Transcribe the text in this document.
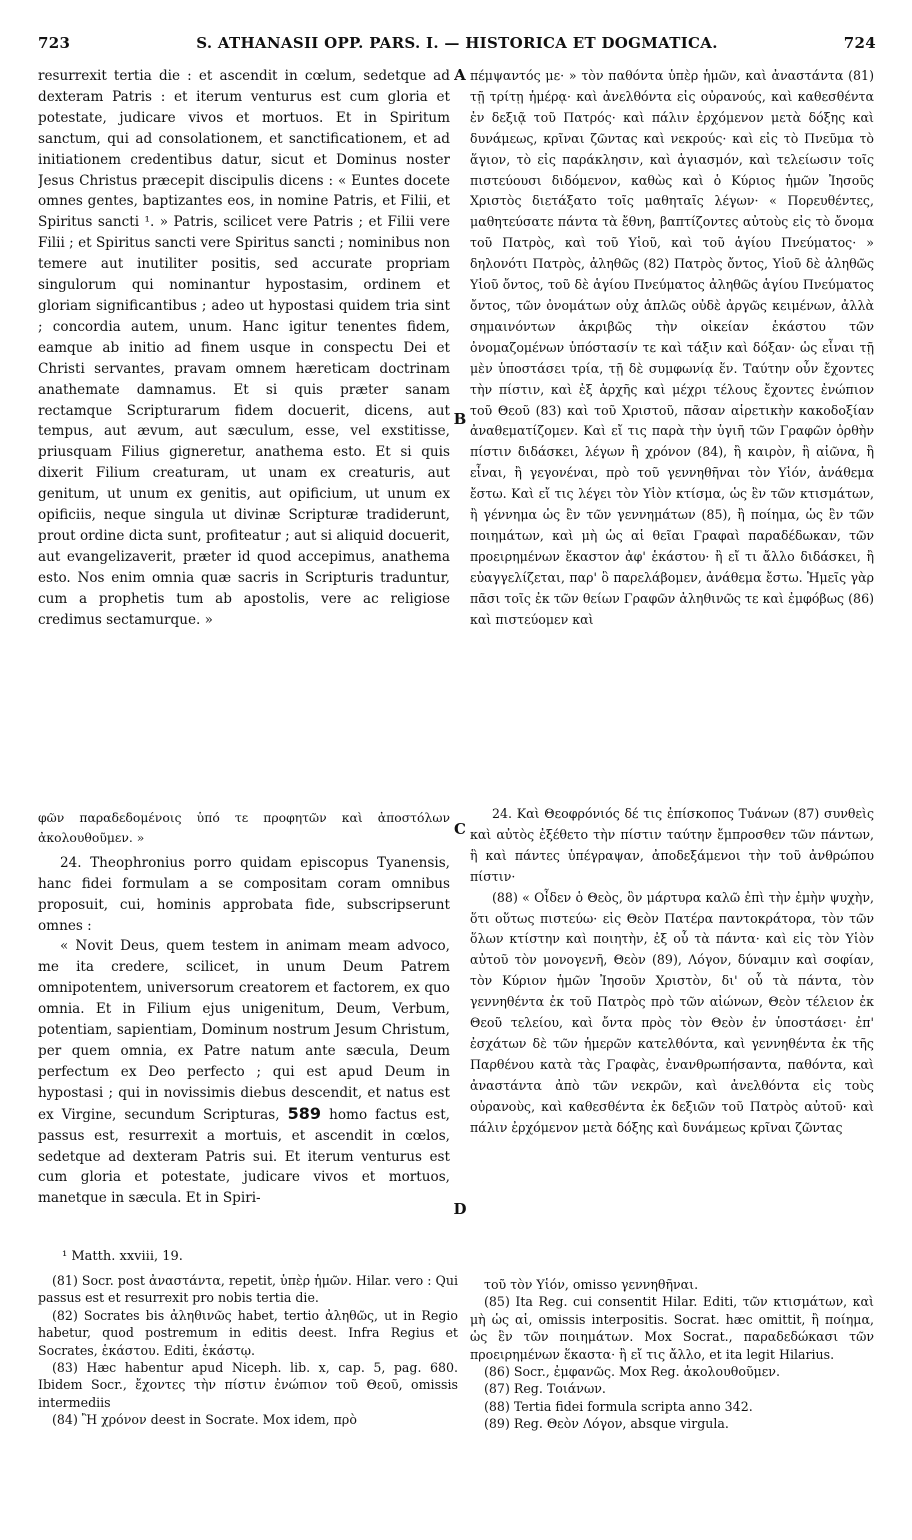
723	S. ATHANASII OPP. PARS. I. — HISTORICA ET DOGMATICA.	724
A
B
C
D

resurrexit tertia die : et ascendit in cœlum, sedetque ad dexteram Patris : et iterum venturus est cum gloria et potestate, judicare vivos et mortuos. Et in Spiritum sanctum, qui ad consolationem, et sanctificationem, et ad initiationem credentibus datur, sicut et Dominus noster Jesus Christus præcepit discipulis dicens : « Euntes docete omnes gentes, baptizantes eos, in nomine Patris, et Filii, et Spiritus sancti ¹. » Patris, scilicet vere Patris ; et Filii vere Filii ; et Spiritus sancti vere Spiritus sancti ; nominibus non temere aut inutiliter positis, sed accurate propriam singulorum qui nominantur hypostasim, ordinem et gloriam significantibus ; adeo ut hypostasi quidem tria sint ; concordia autem, unum. Hanc igitur tenentes fidem, eamque ab initio ad finem usque in conspectu Dei et Christi servantes, pravam omnem hæreticam doctrinam anathemate damnamus. Et si quis præter sanam rectamque Scripturarum fidem docuerit, dicens, aut tempus, aut ævum, aut sæculum, esse, vel exstitisse, priusquam Filius gigneretur, anathema esto. Et si quis dixerit Filium creaturam, ut unam ex creaturis, aut genitum, ut unum ex genitis, aut opificium, ut unum ex opificiis, neque singula ut divinæ Scripturæ tradiderunt, prout ordine dicta sunt, profiteatur ; aut si aliquid docuerit, aut evangelizaverit, præter id quod accepimus, anathema esto. Nos enim omnia quæ sacris in Scripturis traduntur, cum a prophetis tum ab apostolis, vere ac religiose credimus sectamurque. »

φῶν παραδεδομένοις ὑπό τε προφητῶν καὶ ἀποστόλων ἀκολουθοῦμεν. »

24. Theophronius porro quidam episcopus Tyanensis, hanc fidei formulam a se compositam coram omnibus proposuit, cui, hominis approbata fide, subscripserunt omnes :

« Novit Deus, quem testem in animam meam advoco, me ita credere, scilicet, in unum Deum Patrem omnipotentem, universorum creatorem et factorem, ex quo omnia. Et in Filium ejus unigenitum, Deum, Verbum, potentiam, sapientiam, Dominum nostrum Jesum Christum, per quem omnia, ex Patre natum ante sæcula, Deum perfectum ex Deo perfecto ; qui est apud Deum in hypostasi ; qui in novissimis diebus descendit, et natus est ex Virgine, secundum Scripturas, 589 homo factus est, passus est, resurrexit a mortuis, et ascendit in cœlos, sedetque ad dexteram Patris sui. Et iterum venturus est cum gloria et potestate, judicare vivos et mortuos, manetque in sæcula. Et in Spiri-

πέμψαντός με· » τὸν παθόντα ὑπὲρ ἡμῶν, καὶ ἀναστάντα (81) τῇ τρίτῃ ἡμέρᾳ· καὶ ἀνελθόντα εἰς οὐρανούς, καὶ καθεσθέντα ἐν δεξιᾷ τοῦ Πατρός· καὶ πάλιν ἐρχόμενον μετὰ δόξης καὶ δυνάμεως, κρῖναι ζῶντας καὶ νεκρούς· καὶ εἰς τὸ Πνεῦμα τὸ ἅγιον, τὸ εἰς παράκλησιν, καὶ ἁγιασμόν, καὶ τελείωσιν τοῖς πιστεύουσι διδόμενον, καθὼς καὶ ὁ Κύριος ἡμῶν Ἰησοῦς Χριστὸς διετάξατο τοῖς μαθηταῖς λέγων· « Πορευθέντες, μαθητεύσατε πάντα τὰ ἔθνη, βαπτίζοντες αὐτοὺς εἰς τὸ ὄνομα τοῦ Πατρὸς, καὶ τοῦ Υἱοῦ, καὶ τοῦ ἁγίου Πνεύματος· » δηλονότι Πατρὸς, ἀληθῶς (82) Πατρὸς ὄντος, Υἱοῦ δὲ ἀληθῶς Υἱοῦ ὄντος, τοῦ δὲ ἁγίου Πνεύματος ἀληθῶς ἁγίου Πνεύματος ὄντος, τῶν ὀνομάτων οὐχ ἁπλῶς οὐδὲ ἀργῶς κειμένων, ἀλλὰ σημαινόντων ἀκριβῶς τὴν οἰκείαν ἑκάστου τῶν ὀνομαζομένων ὑπόστασίν τε καὶ τάξιν καὶ δόξαν· ὡς εἶναι τῇ μὲν ὑποστάσει τρία, τῇ δὲ συμφωνίᾳ ἕν. Ταύτην οὖν ἔχοντες τὴν πίστιν, καὶ ἐξ ἀρχῆς καὶ μέχρι τέλους ἔχοντες ἐνώπιον τοῦ Θεοῦ (83) καὶ τοῦ Χριστοῦ, πᾶσαν αἱρετικὴν κακοδοξίαν ἀναθεματίζομεν. Καὶ εἴ τις παρὰ τὴν ὑγιῆ τῶν Γραφῶν ὀρθὴν πίστιν διδάσκει, λέγων ἢ χρόνον (84), ἢ καιρὸν, ἢ αἰῶνα, ἢ εἶναι, ἢ γεγονέναι, πρὸ τοῦ γεννηθῆναι τὸν Υἱόν, ἀνάθεμα ἔστω. Καὶ εἴ τις λέγει τὸν Υἱὸν κτίσμα, ὡς ἓν τῶν κτισμάτων, ἢ γέννημα ὡς ἓν τῶν γεννημάτων (85), ἢ ποίημα, ὡς ἓν τῶν ποιημάτων, καὶ μὴ ὡς αἱ θεῖαι Γραφαὶ παραδέδωκαν, τῶν προειρημένων ἕκαστον ἀφ' ἑκάστου· ἢ εἴ τι ἄλλο διδάσκει, ἢ εὐαγγελίζεται, παρ' ὃ παρελάβομεν, ἀνάθεμα ἔστω. Ἡμεῖς γὰρ πᾶσι τοῖς ἐκ τῶν θείων Γραφῶν ἀληθινῶς τε καὶ ἐμφόβως (86) καὶ πιστεύομεν καὶ

24. Καὶ Θεοφρόνιός δέ τις ἐπίσκοπος Τυάνων (87) συνθεὶς καὶ αὐτὸς ἐξέθετο τὴν πίστιν ταύτην ἔμπροσθεν τῶν πάντων, ἣ καὶ πάντες ὑπέγραψαν, ἀποδεξάμενοι τὴν τοῦ ἀνθρώπου πίστιν·

(88) « Οἶδεν ὁ Θεὸς, ὃν μάρτυρα καλῶ ἐπὶ τὴν ἐμὴν ψυχὴν, ὅτι οὕτως πιστεύω· εἰς Θεὸν Πατέρα παντοκράτορα, τὸν τῶν ὅλων κτίστην καὶ ποιητὴν, ἐξ οὗ τὰ πάντα· καὶ εἰς τὸν Υἱὸν αὐτοῦ τὸν μονογενῆ, Θεὸν (89), Λόγον, δύναμιν καὶ σοφίαν, τὸν Κύριον ἡμῶν Ἰησοῦν Χριστὸν, δι' οὗ τὰ πάντα, τὸν γεννηθέντα ἐκ τοῦ Πατρὸς πρὸ τῶν αἰώνων, Θεὸν τέλειον ἐκ Θεοῦ τελείου, καὶ ὄντα πρὸς τὸν Θεὸν ἐν ὑποστάσει· ἐπ' ἐσχάτων δὲ τῶν ἡμερῶν κατελθόντα, καὶ γεννηθέντα ἐκ τῆς Παρθένου κατὰ τὰς Γραφὰς, ἐνανθρωπήσαντα, παθόντα, καὶ ἀναστάντα ἀπὸ τῶν νεκρῶν, καὶ ἀνελθόντα εἰς τοὺς οὐρανοὺς, καὶ καθεσθέντα ἐκ δεξιῶν τοῦ Πατρὸς αὐτοῦ· καὶ πάλιν ἐρχόμενον μετὰ δόξης καὶ δυνάμεως κρῖναι ζῶντας

¹ Matth. xxviii, 19.

(81) Socr. post ἀναστάντα, repetit, ὑπὲρ ἡμῶν. Hilar. vero : Qui passus est et resurrexit pro nobis tertia die.

(82) Socrates bis ἀληθινῶς habet, tertio ἀληθῶς, ut in Regio habetur, quod postremum in editis deest. Infra Regius et Socrates, ἑκάστου. Editi, ἑκάστῳ.

(83) Hæc habentur apud Niceph. lib. x, cap. 5, pag. 680. Ibidem Socr., ἔχοντες τὴν πίστιν ἐνώπιον τοῦ Θεοῦ, omissis intermediis

(84) Ἢ χρόνον deest in Socrate. Mox idem, πρὸ

τοῦ τὸν Υἱόν, omisso γεννηθῆναι.

(85) Ita Reg. cui consentit Hilar. Editi, τῶν κτισμάτων, καὶ μὴ ὡς αἱ, omissis interpositis. Socrat. hæc omittit, ἢ ποίημα, ὡς ἓν τῶν ποιημάτων. Mox Socrat., παραδεδώκασι τῶν προειρημένων ἕκαστα· ἢ εἴ τις ἄλλο, et ita legit Hilarius.

(86) Socr., ἐμφανῶς. Mox Reg. ἀκολουθοῦμεν.

(87) Reg. Τοιάνων.

(88) Tertia fidei formula scripta anno 342.

(89) Reg. Θεὸν Λόγον, absque virgula.
